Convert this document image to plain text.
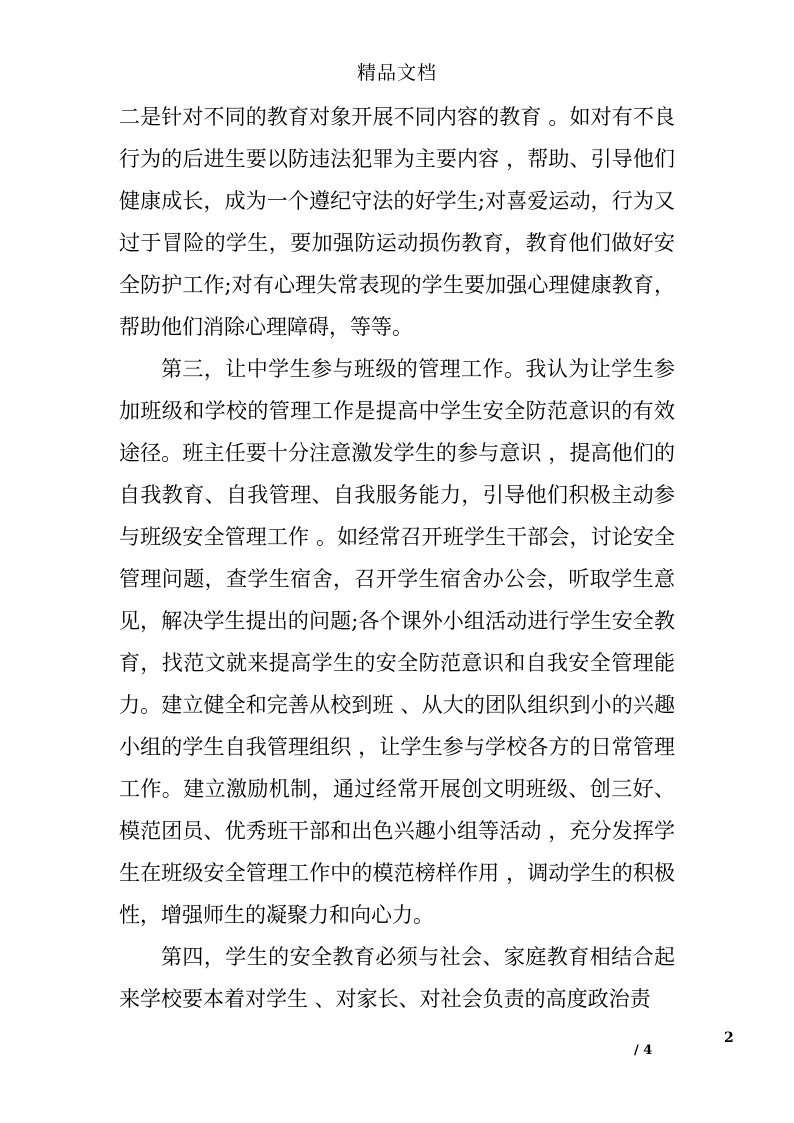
精品文档

二是针对不同的教育对象开展不同内容的教育 。如对有不良行为的后进生要以防违法犯罪为主要内容 ，帮助、引导他们健康成长，成为一个遵纪守法的好学生;对喜爱运动，行为又过于冒险的学生，要加强防运动损伤教育，教育他们做好安全防护工作;对有心理失常表现的学生要加强心理健康教育，帮助他们消除心理障碍，等等。

第三，让中学生参与班级的管理工作。我认为让学生参加班级和学校的管理工作是提高中学生安全防范意识的有效途径。班主任要十分注意激发学生的参与意识 ，提高他们的自我教育、自我管理、自我服务能力，引导他们积极主动参与班级安全管理工作 。如经常召开班学生干部会，讨论安全管理问题，查学生宿舍，召开学生宿舍办公会，听取学生意见，解决学生提出的问题;各个课外小组活动进行学生安全教育，找范文就来提高学生的安全防范意识和自我安全管理能力。建立健全和完善从校到班 、从大的团队组织到小的兴趣小组的学生自我管理组织 ，让学生参与学校各方的日常管理工作。建立激励机制，通过经常开展创文明班级、创三好、模范团员、优秀班干部和出色兴趣小组等活动 ，充分发挥学生在班级安全管理工作中的模范榜样作用 ，调动学生的积极性，增强师生的凝聚力和向心力。

第四，学生的安全教育必须与社会、家庭教育相结合起来学校要本着对学生 、对家长、对社会负责的高度政治责

2
/ 4
